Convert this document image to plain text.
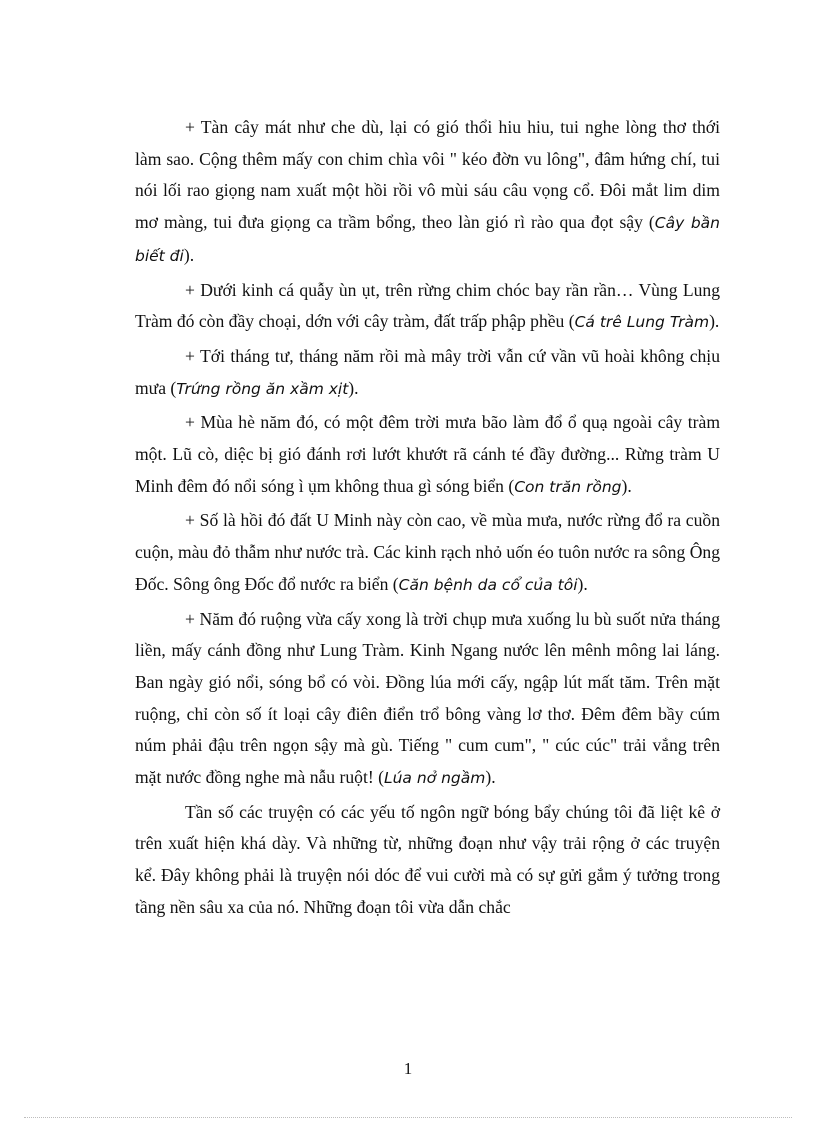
+ Tàn cây mát như che dù, lại có gió thổi hiu hiu, tui nghe lòng thơ thới làm sao. Cộng thêm mấy con chim chìa vôi " kéo đờn vu lông", đâm hứng chí, tui nói lối rao giọng nam xuất một hồi rồi vô mùi sáu câu vọng cổ. Đôi mắt lim dim mơ màng, tui đưa giọng ca trầm bổng, theo làn gió rì rào qua đọt sậy (Cây bần biết đi).

+ Dưới kinh cá quẫy ùn ụt, trên rừng chim chóc bay rần rần… Vùng Lung Tràm đó còn đầy choại, dớn với cây tràm, đất trấp phập phều (Cá trê Lung Tràm).

+ Tới tháng tư, tháng năm rồi mà mây trời vẫn cứ vần vũ hoài không chịu mưa (Trứng rồng ăn xầm xịt).

+ Mùa hè năm đó, có một đêm trời mưa bão làm đổ ổ quạ ngoài cây tràm một. Lũ cò, diệc bị gió đánh rơi lướt khướt rã cánh té đầy đường... Rừng tràm U Minh đêm đó nổi sóng ì ụm không thua gì sóng biển (Con trăn rồng).

+ Số là hồi đó đất U Minh này còn cao, về mùa mưa, nước rừng đổ ra cuồn cuộn, màu đỏ thẫm như nước trà. Các kinh rạch nhỏ uốn éo tuôn nước ra sông Ông Đốc. Sông ông Đốc đổ nước ra biển (Căn bệnh da cổ của tôi).

+ Năm đó ruộng vừa cấy xong là trời chụp mưa xuống lu bù suốt nửa tháng liền, mấy cánh đồng như Lung Tràm. Kinh Ngang nước lên mênh mông lai láng. Ban ngày gió nổi, sóng bổ có vòi. Đồng lúa mới cấy, ngập lút mất tăm. Trên mặt ruộng, chỉ còn số ít loại cây điên điển trổ bông vàng lơ thơ. Đêm đêm bầy cúm núm phải đậu trên ngọn sậy mà gù. Tiếng " cum cum", " cúc cúc" trải vắng trên mặt nước đồng nghe mà nẫu ruột! (Lúa nở ngầm).

Tần số các truyện có các yếu tố ngôn ngữ bóng bẩy chúng tôi đã liệt kê ở trên xuất hiện khá dày. Và những từ, những đoạn như vậy trải rộng ở các truyện kể. Đây không phải là truyện nói dóc để vui cười mà có sự gửi gắm ý tưởng trong tầng nền sâu xa của nó. Những đoạn tôi vừa dẫn chắc

1
